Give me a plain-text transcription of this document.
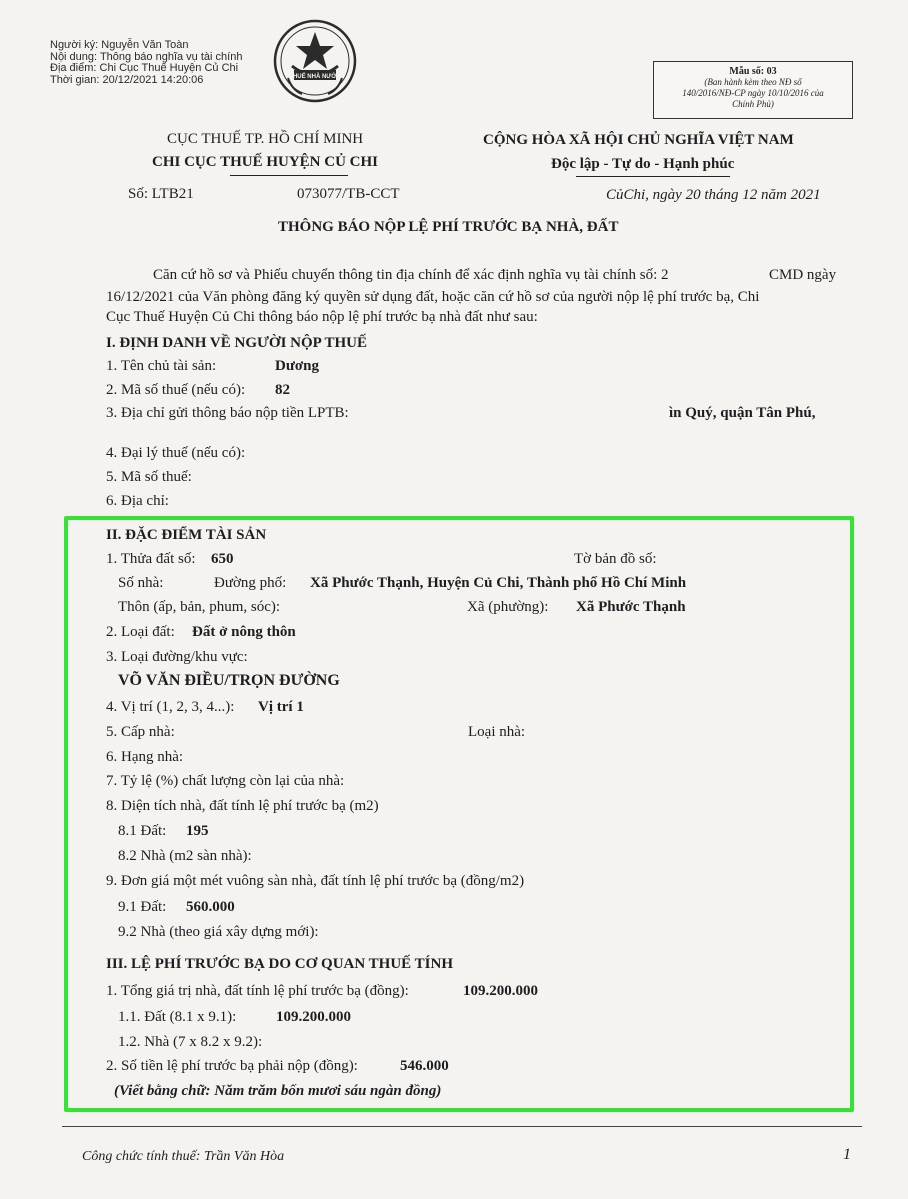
Người ký: Nguyễn Văn Toàn
Nội dung: Thông báo nghĩa vụ tài chính
Địa điểm: Chi Cục Thuế Huyện Củ Chi
Thời gian: 20/12/2021 14:20:06	THUẾ NHÀ NƯỚC	Mẫu số: 03
(Ban hành kèm theo NĐ số
140/2016/NĐ-CP ngày 10/10/2016 của
Chính Phủ)
CỤC THUẾ TP. HỒ CHÍ MINH
CHI CỤC THUẾ HUYỆN CỦ CHI
Số: LTB21	073077/TB-CCT
CỘNG HÒA XÃ HỘI CHỦ NGHĨA VIỆT NAM
Độc lập - Tự do - Hạnh phúc
CủChi, ngày 20 tháng 12 năm 2021
THÔNG BÁO NỘP LỆ PHÍ TRƯỚC BẠ NHÀ, ĐẤT
Căn cứ hồ sơ và Phiếu chuyển thông tin địa chính để xác định nghĩa vụ tài chính số: 2	CMD ngày
16/12/2021 của Văn phòng đăng ký quyền sử dụng đất, hoặc căn cứ hồ sơ của người nộp lệ phí trước bạ, Chi
Cục Thuế Huyện Củ Chi thông báo nộp lệ phí trước bạ nhà đất như sau:
I. ĐỊNH DANH VỀ NGƯỜI NỘP THUẾ
1. Tên chủ tài sản:	Dương
2. Mã số thuế (nếu có): 82
3. Địa chỉ gửi thông báo nộp tiền LPTB:	ìn Quý, quận Tân Phú,
4. Đại lý thuế (nếu có):
5. Mã số thuế:
6. Địa chỉ:
II. ĐẶC ĐIỂM TÀI SẢN
1. Thửa đất số: 650	Tờ bản đồ số:
Số nhà:	Đường phố: Xã Phước Thạnh, Huyện Củ Chi, Thành phố Hồ Chí Minh
Thôn (ấp, bản, phum, sóc):	Xã (phường): Xã Phước Thạnh
2. Loại đất: Đất ở nông thôn
3. Loại đường/khu vực:
VÕ VĂN ĐIỀU/TRỌN ĐƯỜNG
4. Vị trí (1, 2, 3, 4...): Vị trí 1
5. Cấp nhà:	Loại nhà:
6. Hạng nhà:
7. Tỷ lệ (%) chất lượng còn lại của nhà:
8. Diện tích nhà, đất tính lệ phí trước bạ (m2)
8.1 Đất: 195
8.2 Nhà (m2 sàn nhà):
9. Đơn giá một mét vuông sàn nhà, đất tính lệ phí trước bạ (đồng/m2)
9.1 Đất: 560.000
9.2 Nhà (theo giá xây dựng mới):
III. LỆ PHÍ TRƯỚC BẠ DO CƠ QUAN THUẾ TÍNH
1. Tổng giá trị nhà, đất tính lệ phí trước bạ (đồng):	109.200.000
1.1. Đất (8.1 x 9.1):	109.200.000
1.2. Nhà (7 x 8.2 x 9.2):
2. Số tiền lệ phí trước bạ phải nộp (đồng):	546.000
(Viết bằng chữ: Năm trăm bốn mươi sáu ngàn đồng)
Công chức tính thuế: Trần Văn Hòa	1
